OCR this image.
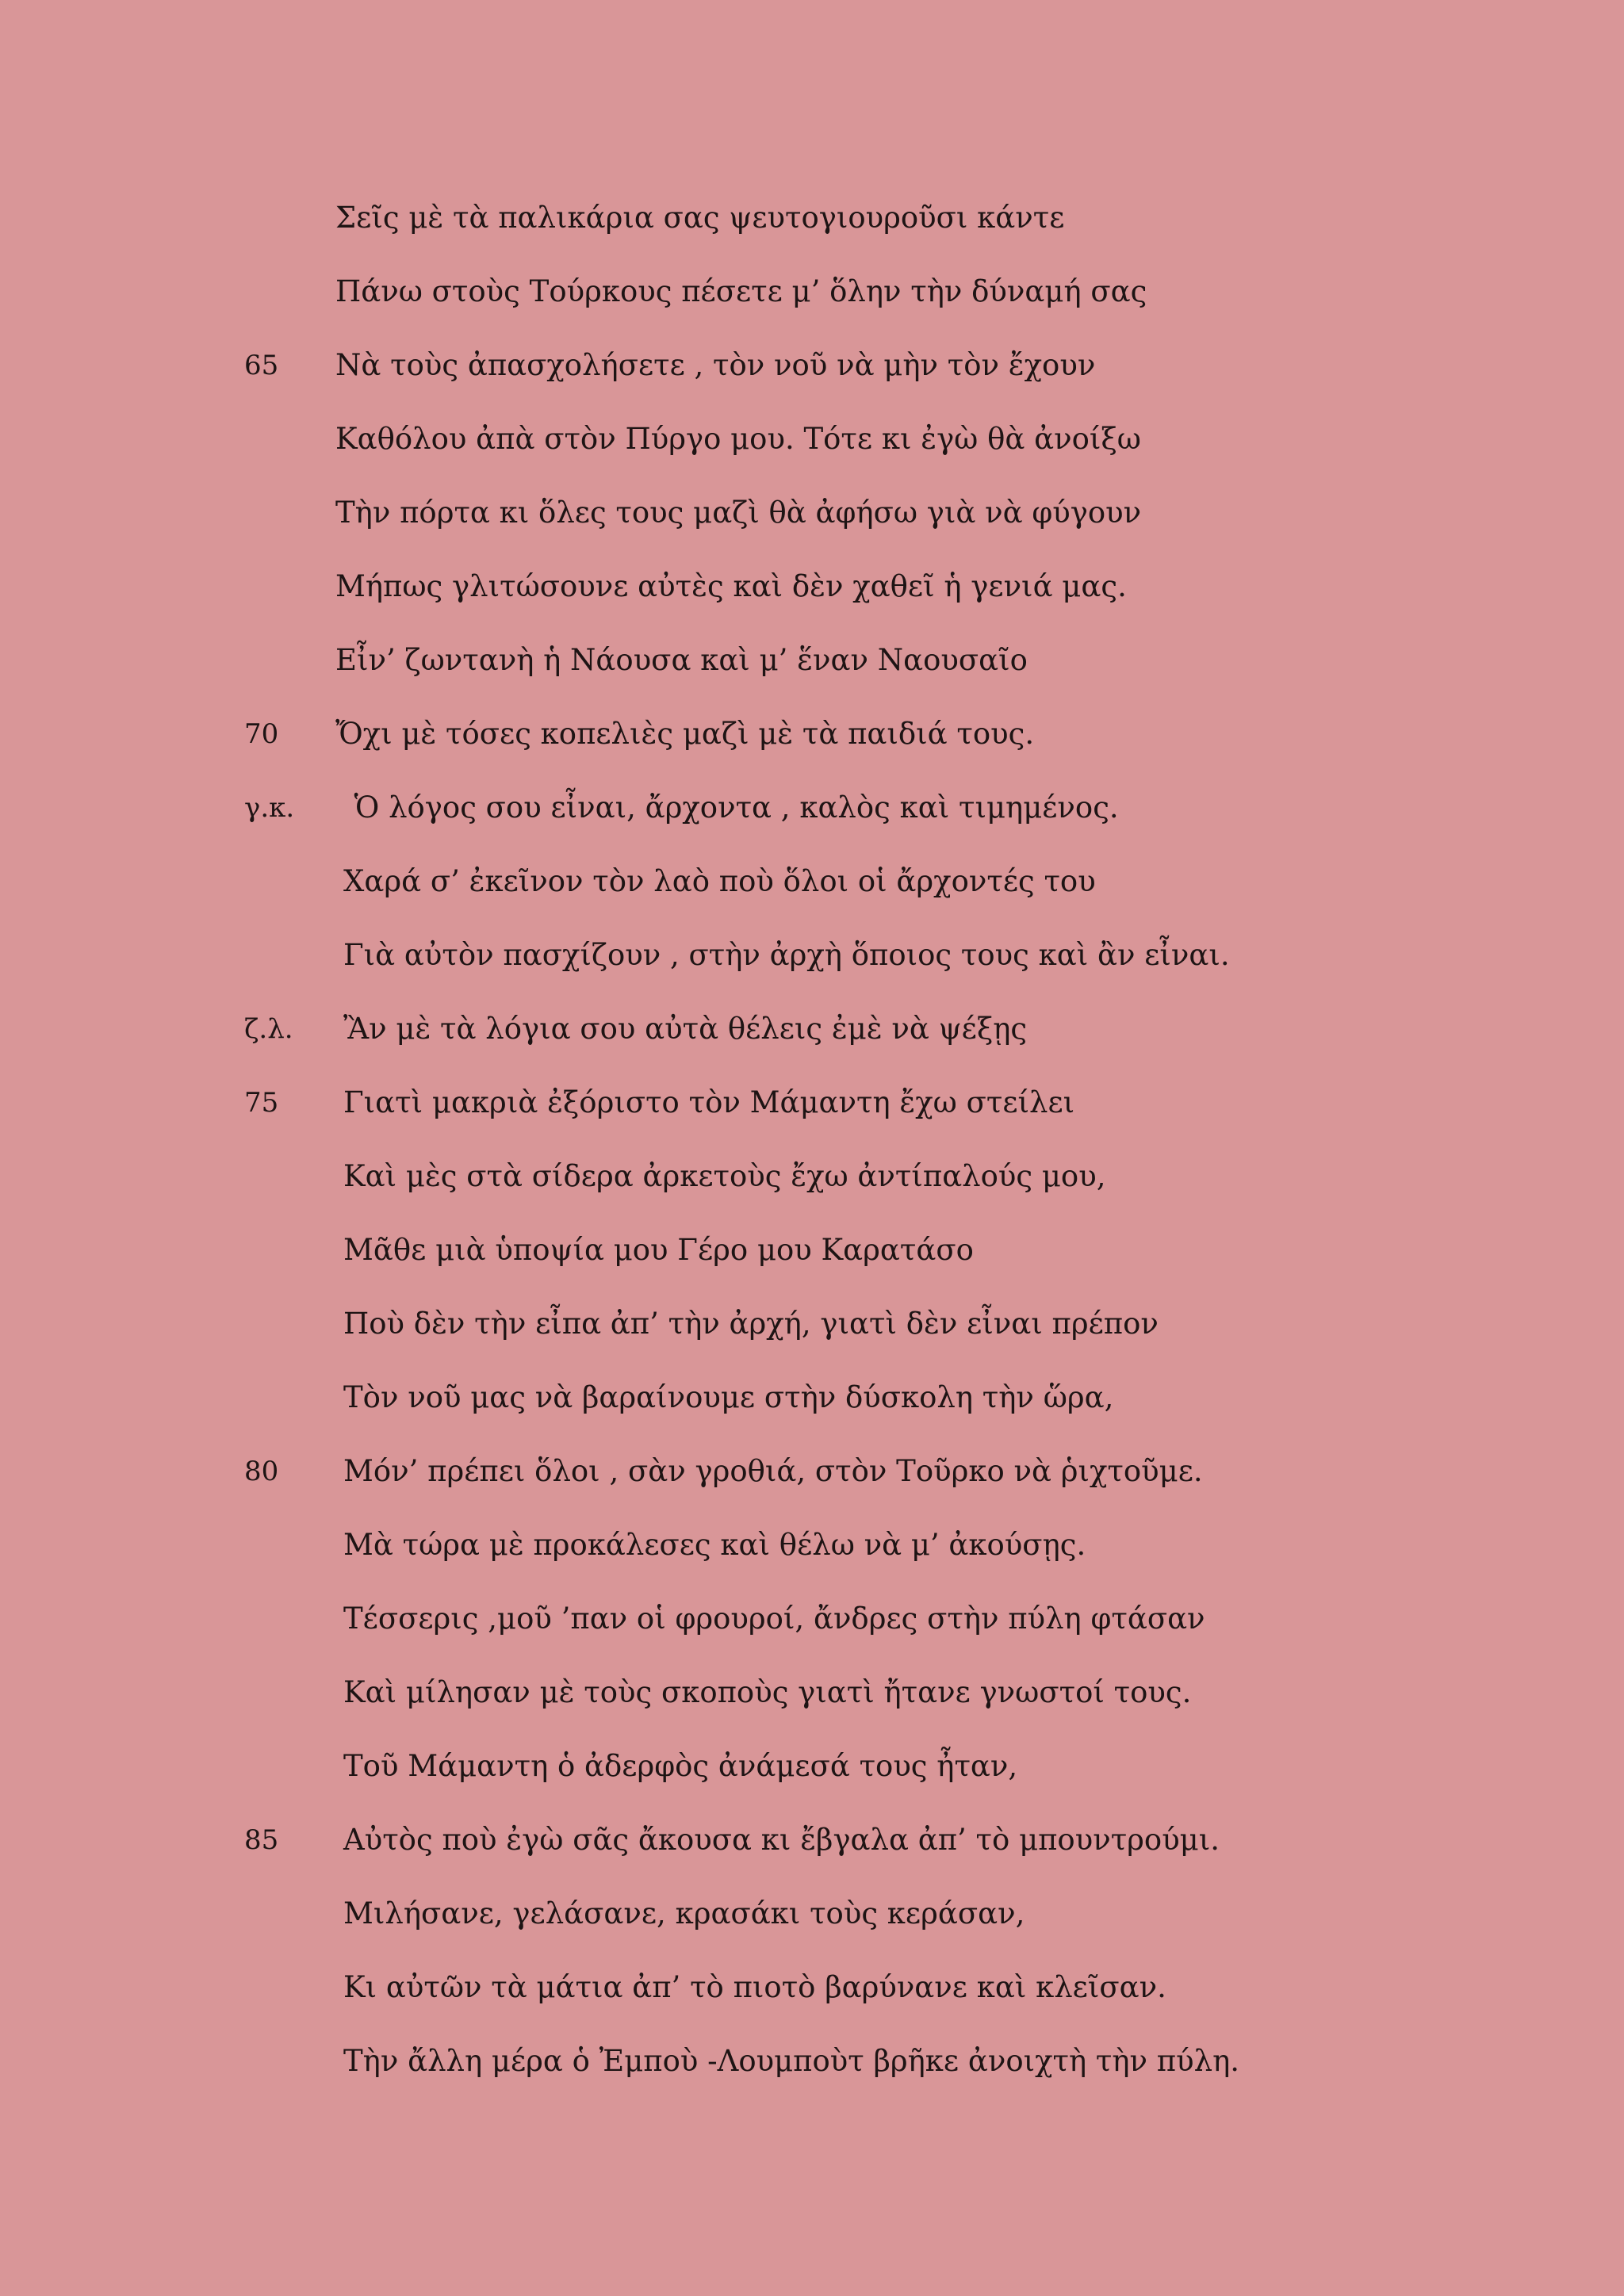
Σεῖς μὲ τὰ παλικάρια σας ψευτογιουροῦσι κάντε
Πάνω στοὺς Τούρκους πέσετε μ’ ὅλην τὴν δύναμή σας
65 Νὰ τοὺς ἀπασχολήσετε , τὸν νοῦ νὰ μὴν τὸν ἔχουν
Καθόλου ἀπὰ στὸν Πύργο μου. Τότε κι ἐγὼ θὰ ἀνοίξω
Τὴν πόρτα κι ὅλες τους μαζὶ θὰ ἀφήσω γιὰ νὰ φύγουν
Μήπως γλιτώσουνε αὐτὲς καὶ δὲν χαθεῖ ἡ γενιά μας.
Εἶν’ ζωντανὴ ἡ Νάουσα καὶ μ’ ἕναν Ναουσαῖο
70 Ὄχι μὲ τόσες κοπελιὲς μαζὶ μὲ τὰ παιδιά τους.
γ.κ. Ὁ λόγος σου εἶναι, ἄρχοντα , καλὸς καὶ τιμημένος.
Χαρά σ’ ἐκεῖνον τὸν λαὸ ποὺ ὅλοι οἱ ἄρχοντές του
Γιὰ αὐτὸν πασχίζουν , στὴν ἀρχὴ ὅποιος τους καὶ ἂν εἶναι.
ζ.λ. Ἂν μὲ τὰ λόγια σου αὐτὰ θέλεις ἐμὲ νὰ ψέξῃς
75 Γιατὶ μακριὰ ἐξόριστο τὸν Μάμαντη ἔχω στείλει
Καὶ μὲς στὰ σίδερα ἀρκετοὺς ἔχω ἀντίπαλούς μου,
Μᾶθε μιὰ ὑποψία μου Γέρο μου Καρατάσο
Ποὺ δὲν τὴν εἶπα ἀπ’ τὴν ἀρχή, γιατὶ δὲν εἶναι πρέπον
Τὸν νοῦ μας νὰ βαραίνουμε στὴν δύσκολη τὴν ὥρα,
80 Μόν’ πρέπει ὅλοι , σὰν γροθιά, στὸν Τοῦρκο νὰ ῥιχτοῦμε.
Μὰ τώρα μὲ προκάλεσες καὶ θέλω νὰ μ’ ἀκούσῃς.
Τέσσερις ,μοῦ ’παν οἱ φρουροί, ἄνδρες στὴν πύλη φτάσαν
Καὶ μίλησαν μὲ τοὺς σκοποὺς γιατὶ ἤτανε γνωστοί τους.
Τοῦ Μάμαντη ὁ ἀδερφὸς ἀνάμεσά τους ἦταν,
85 Αὐτὸς ποὺ ἐγὼ σᾶς ἄκουσα κι ἔβγαλα ἀπ’ τὸ μπουντρούμι.
Μιλήσανε, γελάσανε, κρασάκι τοὺς κεράσαν,
Κι αὐτῶν τὰ μάτια ἀπ’ τὸ πιοτὸ βαρύνανε καὶ κλεῖσαν.
Τὴν ἄλλη μέρα ὁ Ἐμποὺ -Λουμποὺτ βρῆκε ἀνοιχτὴ τὴν πύλη.
